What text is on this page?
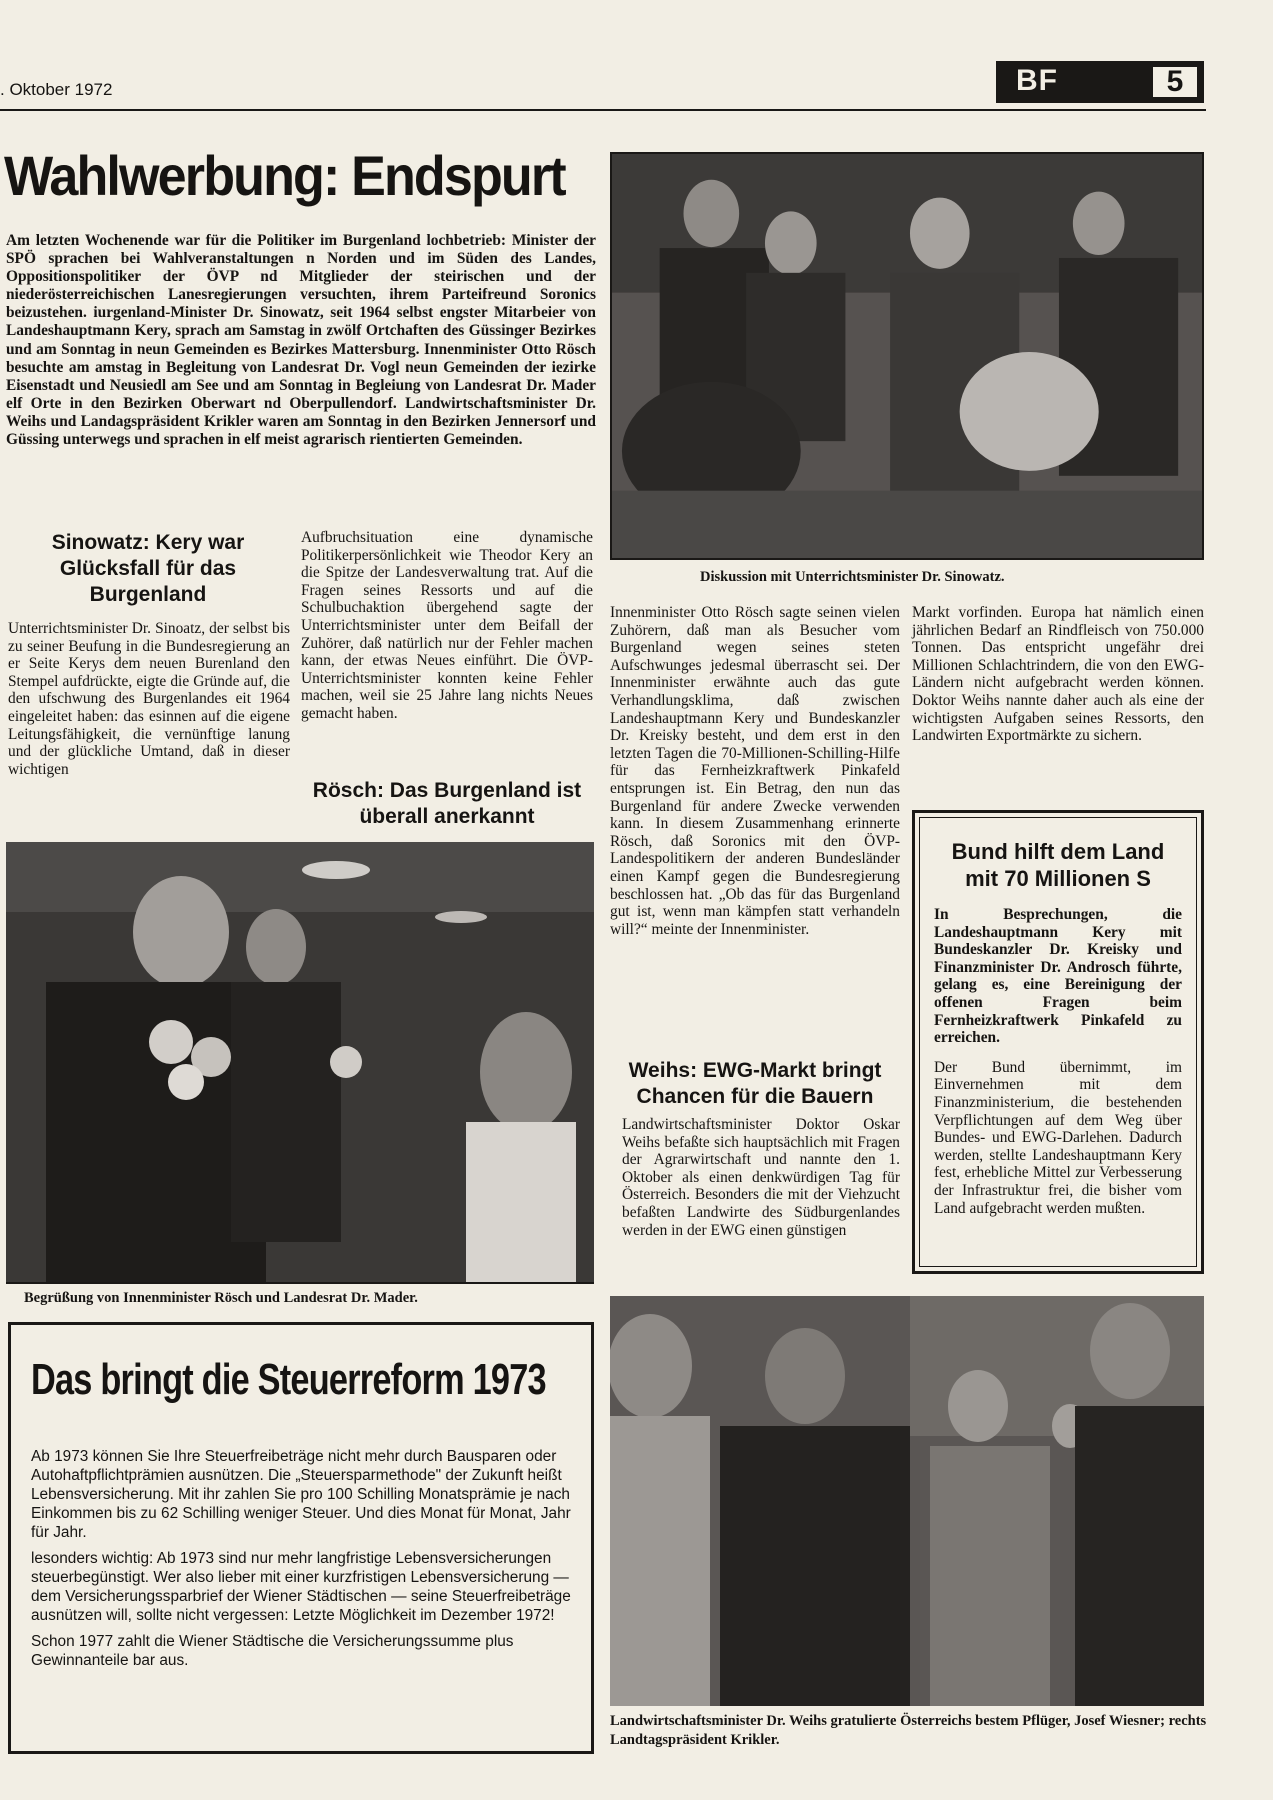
. Oktober 1972	BF	5
Wahlwerbung: Endspurt

Am letzten Wochenende war für die Politiker im Burgenland lochbetrieb: Minister der SPÖ sprachen bei Wahlveranstaltungen n Norden und im Süden des Landes, Oppositionspolitiker der ÖVP nd Mitglieder der steirischen und der niederösterreichischen Lanesregierungen versuchten, ihrem Parteifreund Soronics beizustehen. iurgenland-Minister Dr. Sinowatz, seit 1964 selbst engster Mitarbeier von Landeshauptmann Kery, sprach am Samstag in zwölf Ortchaften des Güssinger Bezirkes und am Sonntag in neun Gemeinden es Bezirkes Mattersburg. Innenminister Otto Rösch besuchte am amstag in Begleitung von Landesrat Dr. Vogl neun Gemeinden der iezirke Eisenstadt und Neusiedl am See und am Sonntag in Begleiung von Landesrat Dr. Mader elf Orte in den Bezirken Oberwart nd Oberpullendorf. Landwirtschaftsminister Dr. Weihs und Landagspräsident Krikler waren am Sonntag in den Bezirken Jennersorf und Güssing unterwegs und sprachen in elf meist agrarisch rientierten Gemeinden.

Diskussion mit Unterrichtsminister Dr. Sinowatz.

Sinowatz: Kery war Glücksfall für das Burgenland

Unterrichtsminister Dr. Sinoatz, der selbst bis zu seiner Beufung in die Bundesregierung an er Seite Kerys dem neuen Burenland den Stempel aufdrückte, eigte die Gründe auf, die den ufschwung des Burgenlandes eit 1964 eingeleitet haben: das esinnen auf die eigene Leitungsfähigkeit, die vernünftige lanung und der glückliche Umtand, daß in dieser wichtigen

Aufbruchsituation eine dynamische Politikerpersönlichkeit wie Theodor Kery an die Spitze der Landesverwaltung trat. Auf die Fragen seines Ressorts und auf die Schulbuchaktion übergehend sagte der Unterrichtsminister unter dem Beifall der Zuhörer, daß natürlich nur der Fehler machen kann, der etwas Neues einführt. Die ÖVP-Unterrichtsminister konnten keine Fehler machen, weil sie 25 Jahre lang nichts Neues gemacht haben.

Rösch: Das Burgenland ist überall anerkannt

Innenminister Otto Rösch sagte seinen vielen Zuhörern, daß man als Besucher vom Burgenland wegen seines steten Aufschwunges jedesmal überrascht sei. Der Innenminister erwähnte auch das gute Verhandlungsklima, daß zwischen Landeshauptmann Kery und Bundeskanzler Dr. Kreisky besteht, und dem erst in den letzten Tagen die 70-Millionen-Schilling-Hilfe für das Fernheizkraftwerk Pinkafeld entsprungen ist. Ein Betrag, den nun das Burgenland für andere Zwecke verwenden kann. In diesem Zusammenhang erinnerte Rösch, daß Soronics mit den ÖVP-Landespolitikern der anderen Bundesländer einen Kampf gegen die Bundesregierung beschlossen hat. „Ob das für das Burgenland gut ist, wenn man kämpfen statt verhandeln will?“ meinte der Innenminister.

Weihs: EWG-Markt bringt Chancen für die Bauern

Landwirtschaftsminister Doktor Oskar Weihs befaßte sich hauptsächlich mit Fragen der Agrarwirtschaft und nannte den 1. Oktober als einen denkwürdigen Tag für Österreich. Besonders die mit der Viehzucht befaßten Landwirte des Südburgenlandes werden in der EWG einen günstigen

Markt vorfinden. Europa hat nämlich einen jährlichen Bedarf an Rindfleisch von 750.000 Tonnen. Das entspricht ungefähr drei Millionen Schlachtrindern, die von den EWG-Ländern nicht aufgebracht werden können. Doktor Weihs nannte daher auch als eine der wichtigsten Aufgaben seines Ressorts, den Landwirten Exportmärkte zu sichern.

Bund hilft dem Land mit 70 Millionen S

In Besprechungen, die Landeshauptmann Kery mit Bundeskanzler Dr. Kreisky und Finanzminister Dr. Androsch führte, gelang es, eine Bereinigung der offenen Fragen beim Fernheizkraftwerk Pinkafeld zu erreichen.

Der Bund übernimmt, im Einvernehmen mit dem Finanzministerium, die bestehenden Verpflichtungen auf dem Weg über Bundes- und EWG-Darlehen. Dadurch werden, stellte Landeshauptmann Kery fest, erhebliche Mittel zur Verbesserung der Infrastruktur frei, die bisher vom Land aufgebracht werden mußten.

Begrüßung von Innenminister Rösch und Landesrat Dr. Mader.

Das bringt die Steuerreform 1973

Ab 1973 können Sie Ihre Steuerfreibeträge nicht mehr durch Bausparen oder Autohaftpflichtprämien ausnützen. Die „Steuersparmethode" der Zukunft heißt Lebensversicherung. Mit ihr zahlen Sie pro 100 Schilling Monatsprämie je nach Einkommen bis zu 62 Schilling weniger Steuer. Und dies Monat für Monat, Jahr für Jahr.

lesonders wichtig: Ab 1973 sind nur mehr langfristige Lebensversicherungen steuerbegünstigt. Wer also lieber mit einer kurzfristigen Lebensversicherung — dem Versicherungssparbrief der Wiener Städtischen — seine Steuerfreibeträge ausnützen will, sollte nicht vergessen: Letzte Möglichkeit im Dezember 1972!

Schon 1977 zahlt die Wiener Städtische die Versicherungssumme plus Gewinnanteile bar aus.

Landwirtschaftsminister Dr. Weihs gratulierte Österreichs bestem Pflüger, Josef Wiesner; rechts Landtagspräsident Krikler.
